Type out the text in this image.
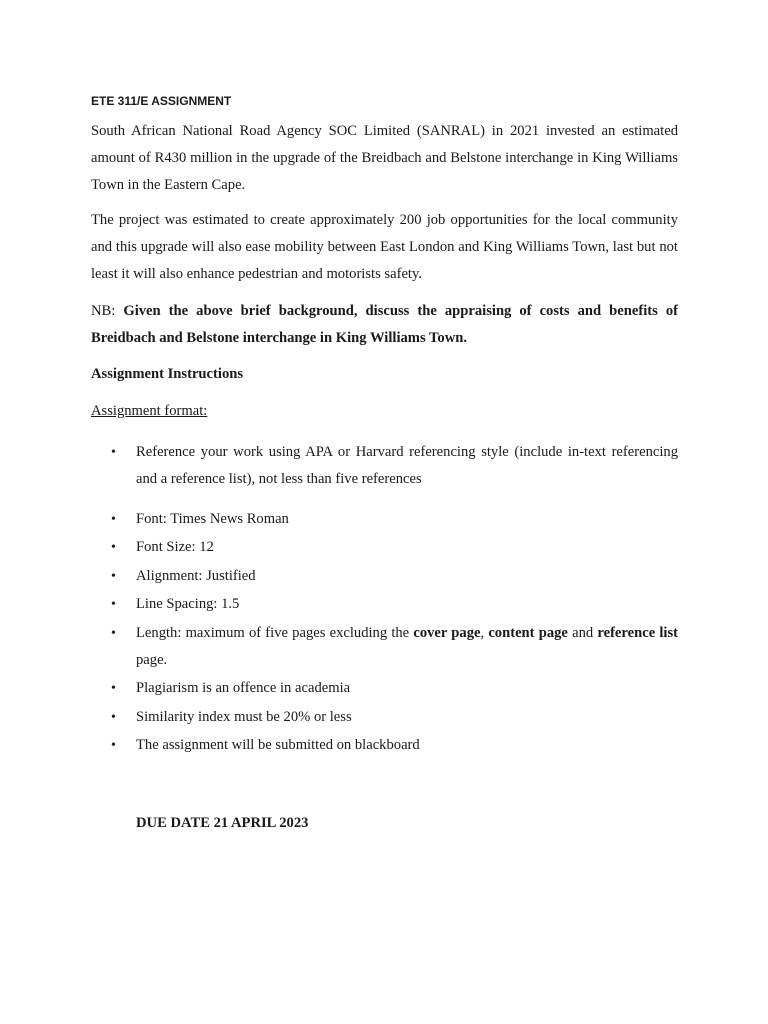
ETE 311/E ASSIGNMENT

South African National Road Agency SOC Limited (SANRAL) in 2021 invested an estimated amount of R430 million in the upgrade of the Breidbach and Belstone interchange in King Williams Town in the Eastern Cape.

The project was estimated to create approximately 200 job opportunities for the local community and this upgrade will also ease mobility between East London and King Williams Town, last but not least it will also enhance pedestrian and motorists safety.

NB: Given the above brief background, discuss the appraising of costs and benefits of Breidbach and Belstone interchange in King Williams Town.

Assignment Instructions

Assignment format:

•	Reference your work using APA or Harvard referencing style (include in-text referencing and a reference list), not less than five references
•	Font: Times News Roman
•	Font Size: 12
•	Alignment: Justified
•	Line Spacing: 1.5
•	Length: maximum of five pages excluding the cover page, content page and reference list page.
•	Plagiarism is an offence in academia
•	Similarity index must be 20% or less
•	The assignment will be submitted on blackboard

DUE DATE 21 APRIL 2023
